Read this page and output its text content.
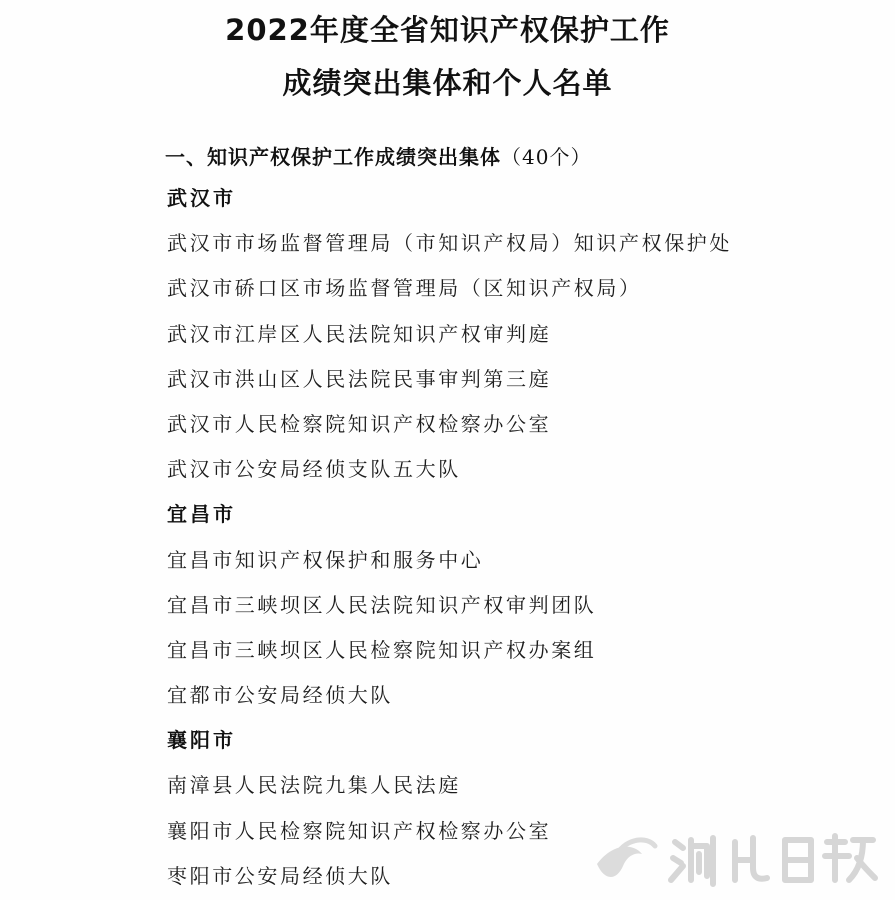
2022年度全省知识产权保护工作
成绩突出集体和个人名单
一、知识产权保护工作成绩突出集体（40个）
武汉市
武汉市市场监督管理局（市知识产权局）知识产权保护处
武汉市硚口区市场监督管理局（区知识产权局）
武汉市江岸区人民法院知识产权审判庭
武汉市洪山区人民法院民事审判第三庭
武汉市人民检察院知识产权检察办公室
武汉市公安局经侦支队五大队
宜昌市
宜昌市知识产权保护和服务中心
宜昌市三峡坝区人民法院知识产权审判团队
宜昌市三峡坝区人民检察院知识产权办案组
宜都市公安局经侦大队
襄阳市
南漳县人民法院九集人民法庭
襄阳市人民检察院知识产权检察办公室
枣阳市公安局经侦大队
